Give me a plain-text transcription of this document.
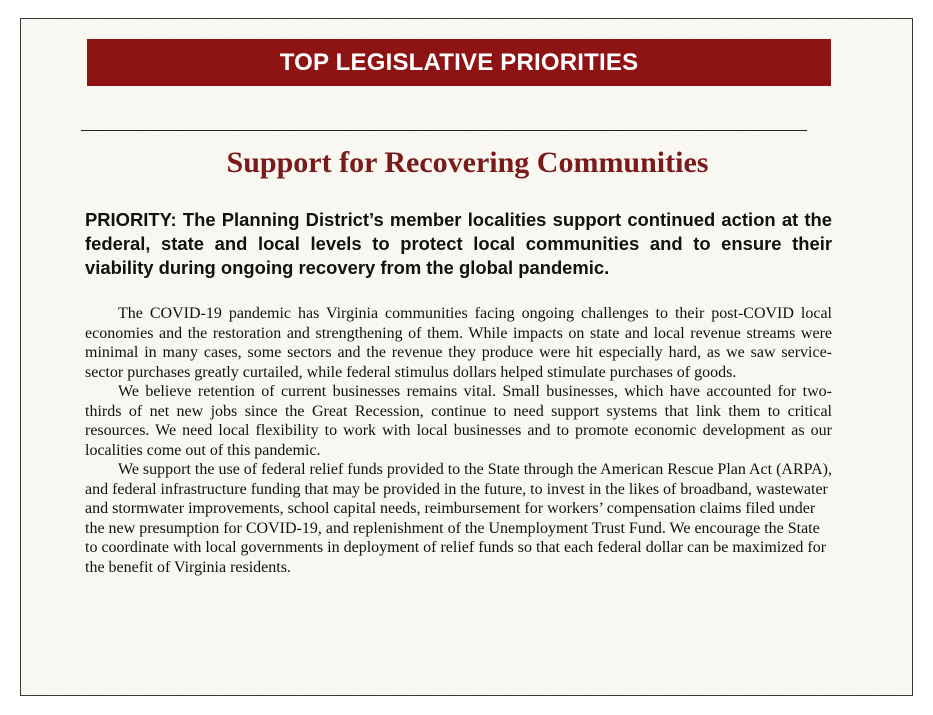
TOP LEGISLATIVE PRIORITIES
Support for Recovering Communities
PRIORITY: The Planning District’s member localities support continued action at the federal, state and local levels to protect local communities and to ensure their viability during ongoing recovery from the global pandemic.

The COVID-19 pandemic has Virginia communities facing ongoing challenges to their post-COVID local economies and the restoration and strengthening of them. While impacts on state and local revenue streams were minimal in many cases, some sectors and the revenue they produce were hit especially hard, as we saw service-sector purchases greatly curtailed, while federal stimulus dollars helped stimulate purchases of goods.

We believe retention of current businesses remains vital. Small businesses, which have accounted for two-thirds of net new jobs since the Great Recession, continue to need support systems that link them to critical resources. We need local flexibility to work with local businesses and to promote economic development as our localities come out of this pandemic.

We support the use of federal relief funds provided to the State through the American Rescue Plan Act (ARPA), and federal infrastructure funding that may be provided in the future, to invest in the likes of broadband, wastewater and stormwater improvements, school capital needs, reimbursement for workers’ compensation claims filed under the new presumption for COVID-19, and replenishment of the Unemployment Trust Fund. We encourage the State to coordinate with local governments in deployment of relief funds so that each federal dollar can be maximized for the benefit of Virginia residents.
